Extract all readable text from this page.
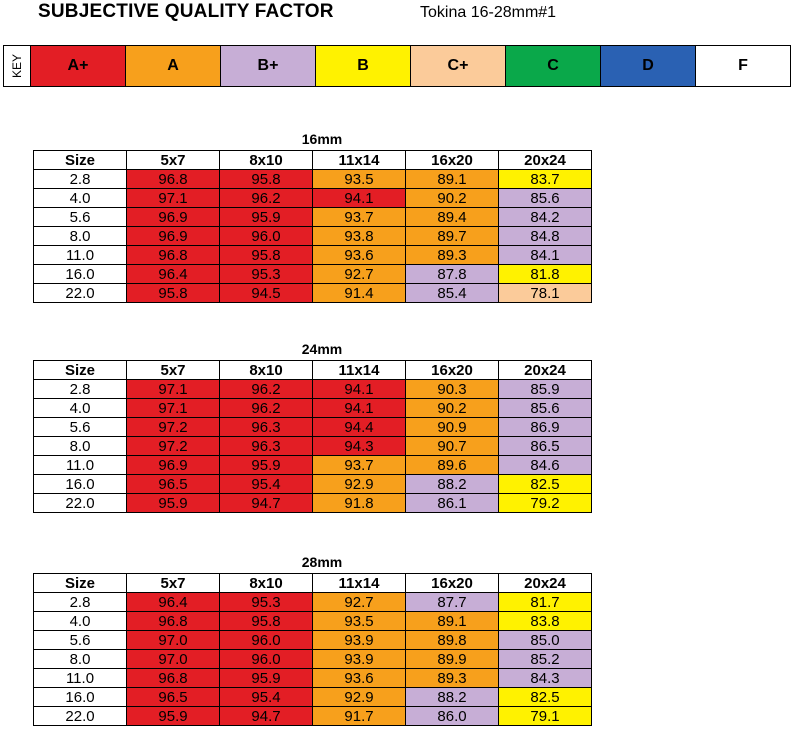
SUBJECTIVE QUALITY FACTOR	Tokina 16-28mm#1
KEY	A+	A	B+	B	C+	C	D	F
16mm
Size	5x7	8x10	11x14	16x20	20x24
2.8	96.8	95.8	93.5	89.1	83.7
4.0	97.1	96.2	94.1	90.2	85.6
5.6	96.9	95.9	93.7	89.4	84.2
8.0	96.9	96.0	93.8	89.7	84.8
11.0	96.8	95.8	93.6	89.3	84.1
16.0	96.4	95.3	92.7	87.8	81.8
22.0	95.8	94.5	91.4	85.4	78.1
24mm
Size	5x7	8x10	11x14	16x20	20x24
2.8	97.1	96.2	94.1	90.3	85.9
4.0	97.1	96.2	94.1	90.2	85.6
5.6	97.2	96.3	94.4	90.9	86.9
8.0	97.2	96.3	94.3	90.7	86.5
11.0	96.9	95.9	93.7	89.6	84.6
16.0	96.5	95.4	92.9	88.2	82.5
22.0	95.9	94.7	91.8	86.1	79.2
28mm
Size	5x7	8x10	11x14	16x20	20x24
2.8	96.4	95.3	92.7	87.7	81.7
4.0	96.8	95.8	93.5	89.1	83.8
5.6	97.0	96.0	93.9	89.8	85.0
8.0	97.0	96.0	93.9	89.9	85.2
11.0	96.8	95.9	93.6	89.3	84.3
16.0	96.5	95.4	92.9	88.2	82.5
22.0	95.9	94.7	91.7	86.0	79.1
